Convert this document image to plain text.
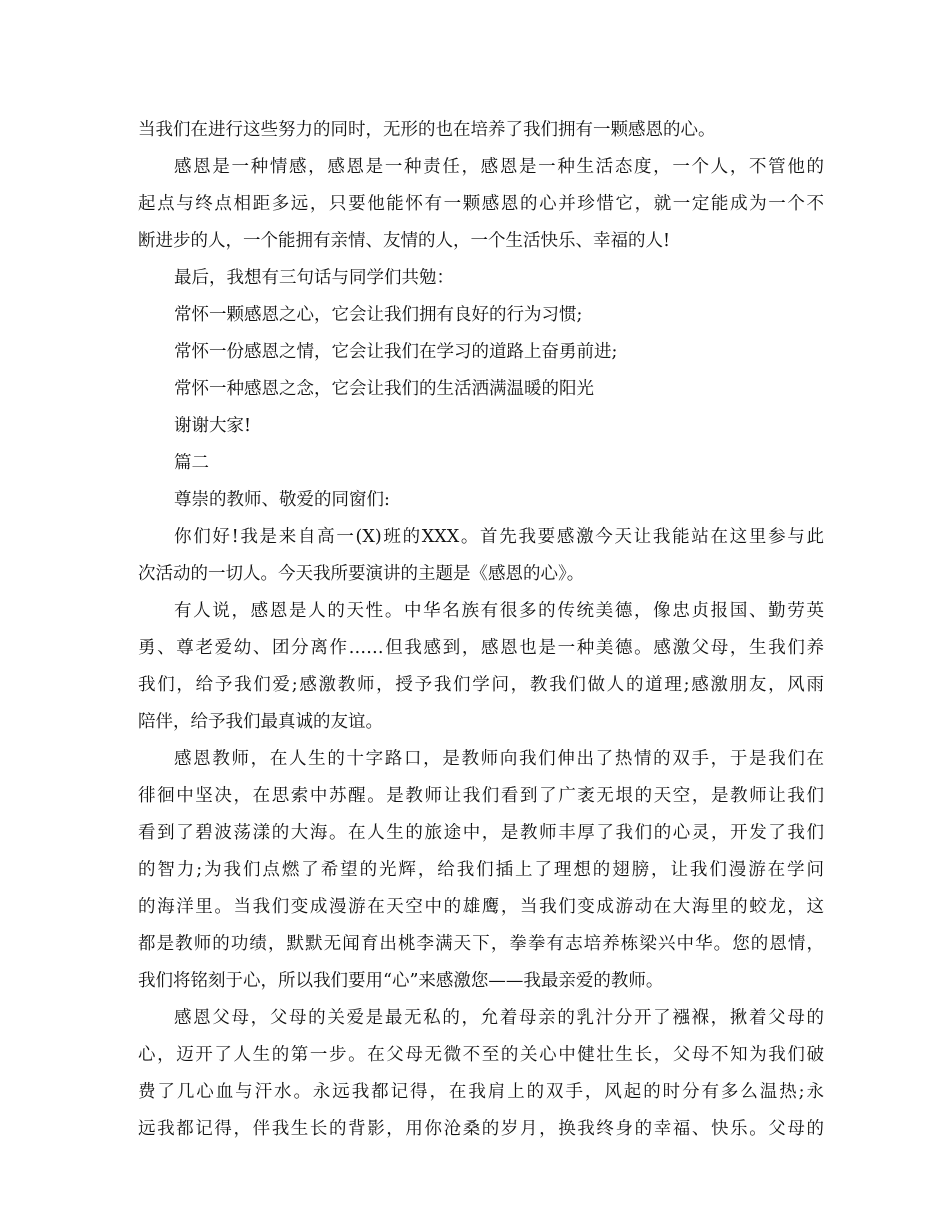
当我们在进行这些努力的同时，无形的也在培养了我们拥有一颗感恩的心。
感恩是一种情感，感恩是一种责任，感恩是一种生活态度，一个人，不管他的
起点与终点相距多远，只要他能怀有一颗感恩的心并珍惜它，就一定能成为一个不
断进步的人，一个能拥有亲情、友情的人，一个生活快乐、幸福的人!
最后，我想有三句话与同学们共勉：
常怀一颗感恩之心，它会让我们拥有良好的行为习惯;
常怀一份感恩之情，它会让我们在学习的道路上奋勇前进;
常怀一种感恩之念，它会让我们的生活洒满温暖的阳光
谢谢大家!
篇二
尊崇的教师、敬爱的同窗们:
你们好!我是来自高一(X)班的XXX。首先我要感激今天让我能站在这里参与此
次活动的一切人。今天我所要演讲的主题是《感恩的心》。
有人说，感恩是人的天性。中华名族有很多的传统美德，像忠贞报国、勤劳英
勇、尊老爱幼、团分离作……但我感到，感恩也是一种美德。感激父母，生我们养
我们，给予我们爱;感激教师，授予我们学问，教我们做人的道理;感激朋友，风雨
陪伴，给予我们最真诚的友谊。
感恩教师，在人生的十字路口，是教师向我们伸出了热情的双手，于是我们在
徘徊中坚决，在思索中苏醒。是教师让我们看到了广袤无垠的天空，是教师让我们
看到了碧波荡漾的大海。在人生的旅途中，是教师丰厚了我们的心灵，开发了我们
的智力;为我们点燃了希望的光辉，给我们插上了理想的翅膀，让我们漫游在学问
的海洋里。当我们变成漫游在天空中的雄鹰，当我们变成游动在大海里的蛟龙，这
都是教师的功绩，默默无闻育出桃李满天下，拳拳有志培养栋梁兴中华。您的恩情，
我们将铭刻于心，所以我们要用“心”来感激您——我最亲爱的教师。
感恩父母，父母的关爱是最无私的，允着母亲的乳汁分开了襁褓，揪着父母的
心，迈开了人生的第一步。在父母无微不至的关心中健壮生长，父母不知为我们破
费了几心血与汗水。永远我都记得，在我肩上的双手，风起的时分有多么温热;永
远我都记得，伴我生长的背影，用你沧桑的岁月，换我终身的幸福、快乐。父母的
